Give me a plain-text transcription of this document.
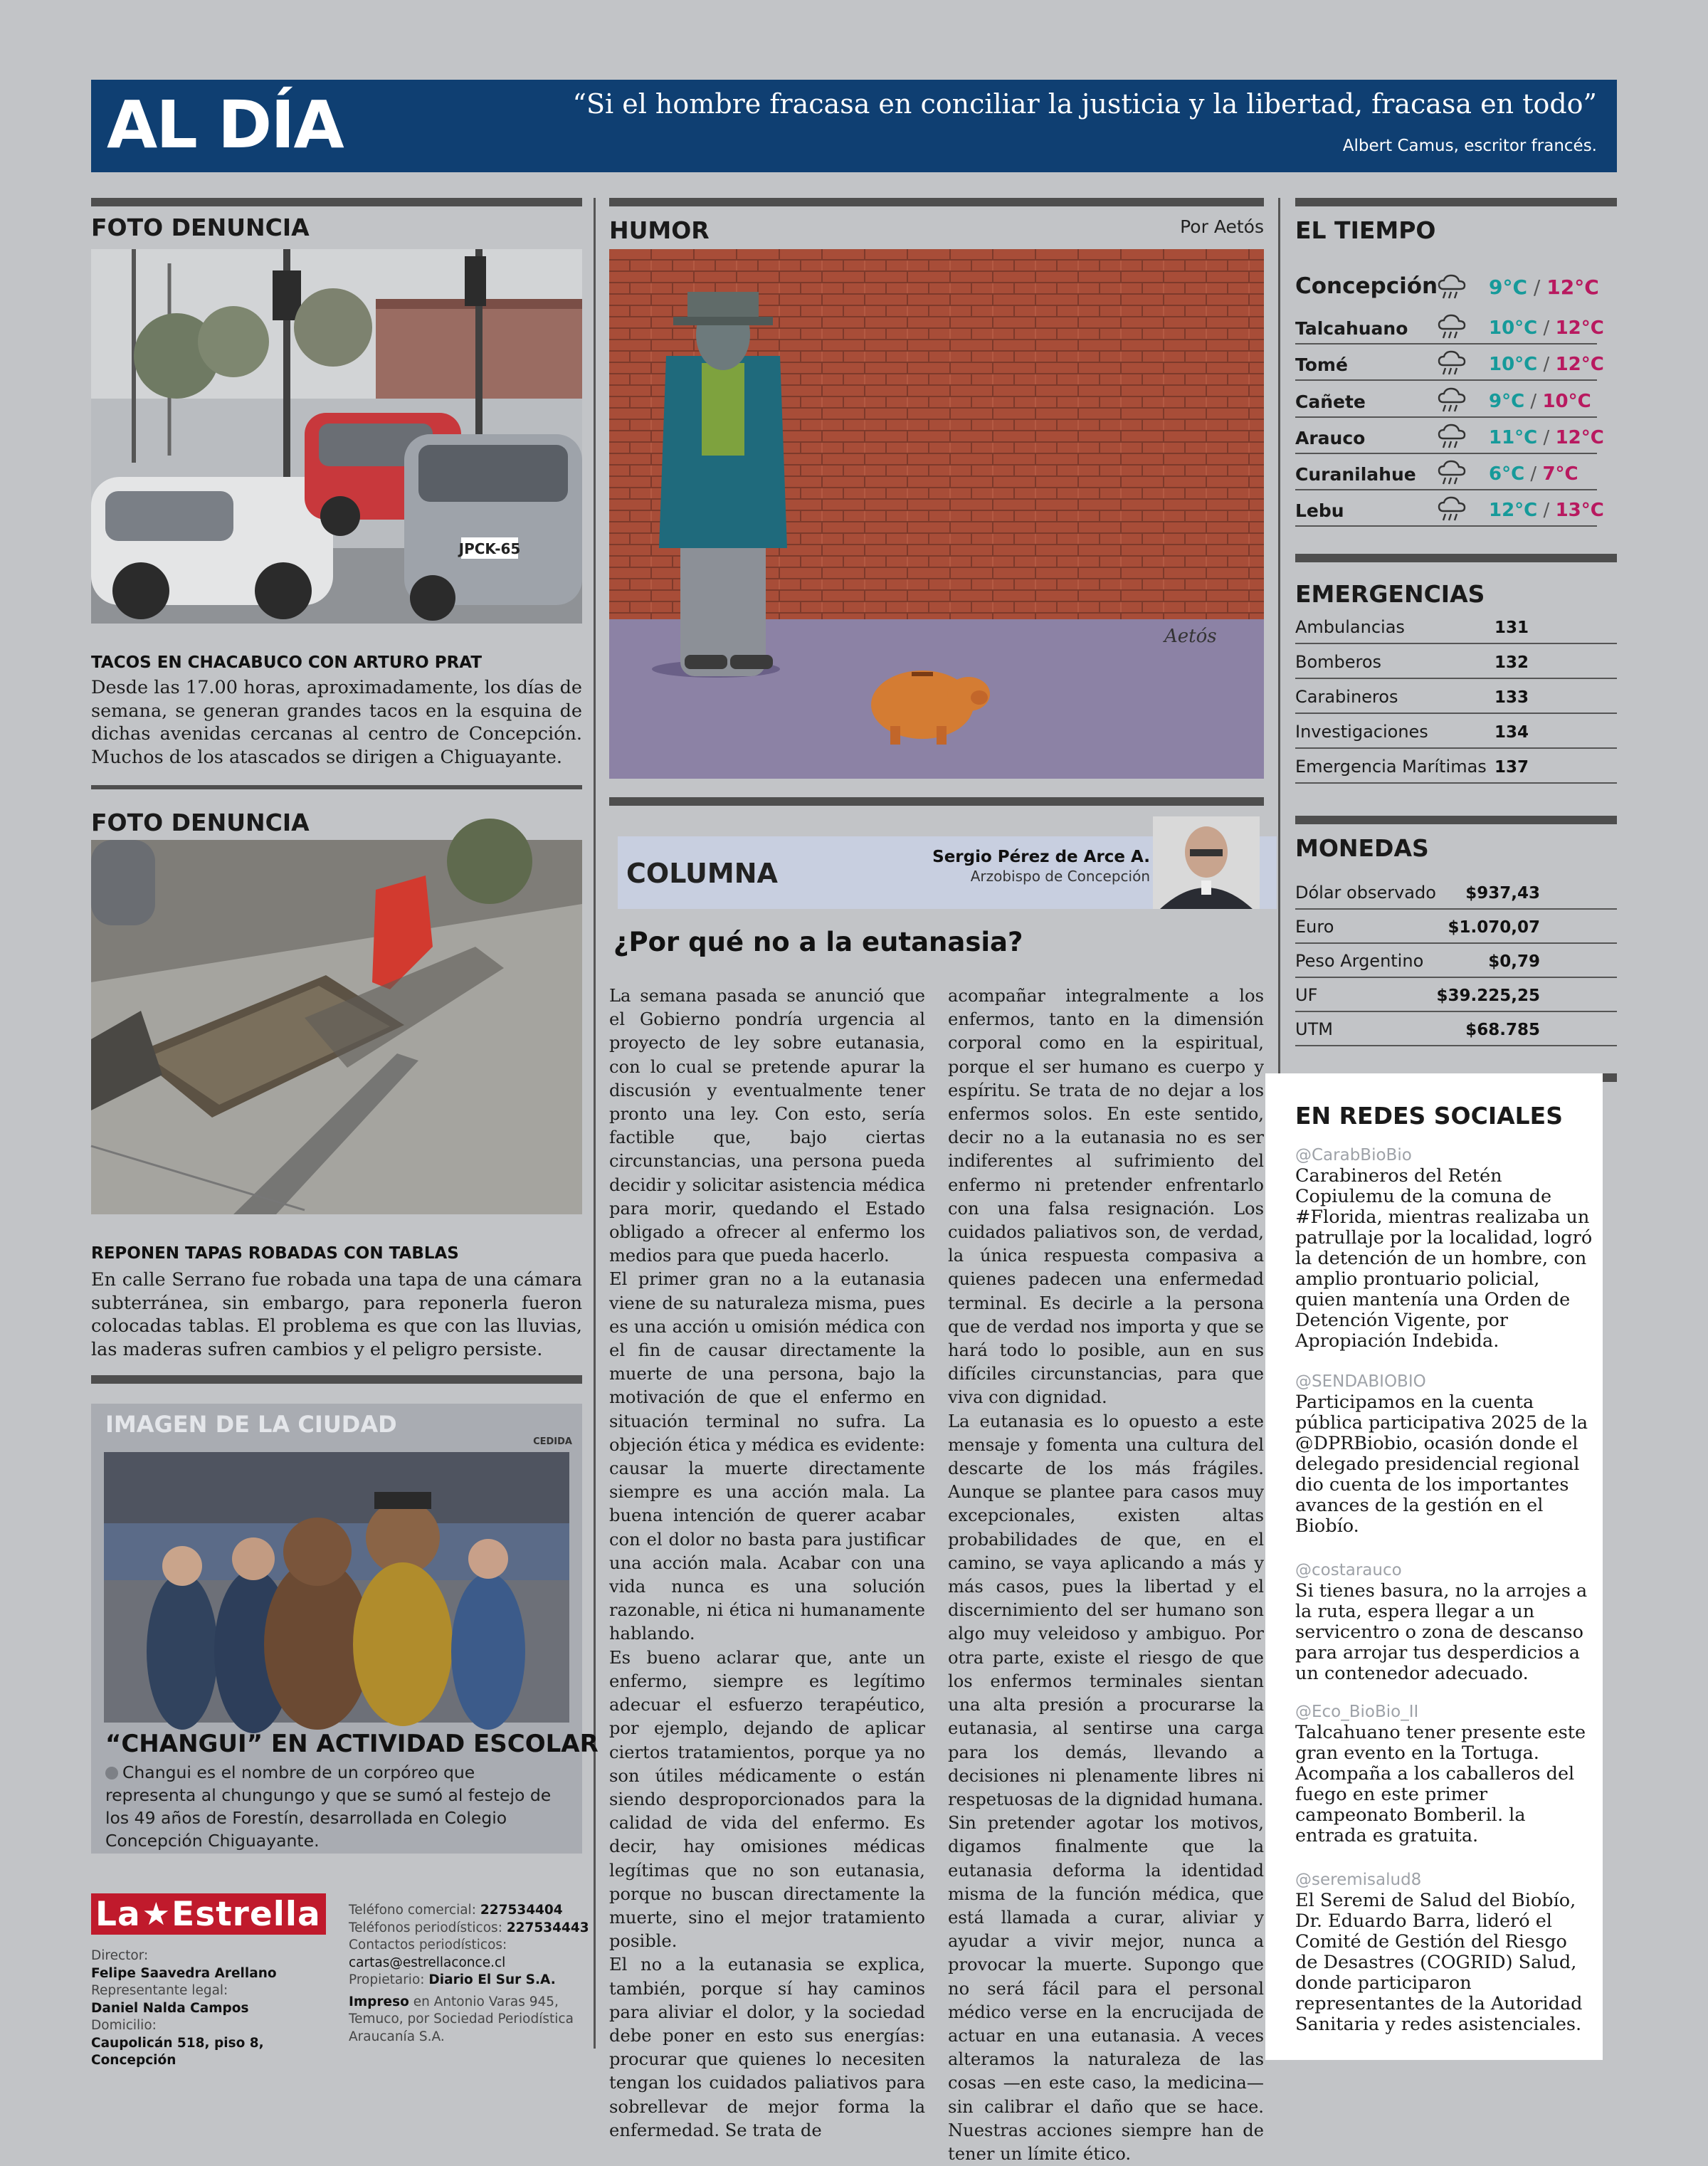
AL DÍA	“Si el hombre fracasa en conciliar la justicia y la libertad, fracasa en todo”
Albert Camus, escritor francés.
FOTO DENUNCIA
JPCK-65
TACOS EN CHACABUCO CON ARTURO PRAT
Desde las 17.00 horas, aproximadamente, los días de semana, se generan grandes tacos en la esquina de dichas avenidas cercanas al centro de Concepción. Muchos de los atascados se dirigen a Chiguayante.
FOTO DENUNCIA
REPONEN TAPAS ROBADAS CON TABLAS
En calle Serrano fue robada una tapa de una cámara subterránea, sin embargo, para reponerla fueron colocadas tablas. El problema es que con las lluvias, las maderas sufren cambios y el peligro persiste.
IMAGEN DE LA CIUDAD
CEDIDA
“CHANGUI” EN ACTIVIDAD ESCOLAR
Changui es el nombre de un corpóreo que representa al chungungo y que se sumó al festejo de los 49 años de Forestín, desarrollada en Colegio Concepción Chiguayante.
La ★ Estrella
Director:
Felipe Saavedra Arellano
Representante legal:
Daniel Nalda Campos
Domicilio:
Caupolicán 518, piso 8, Concepción
Teléfono comercial: 227534404
Teléfonos periodísticos: 227534443
Contactos periodísticos:
cartas@estrellaconce.cl
Propietario: Diario El Sur S.A.
Impreso en Antonio Varas 945,
Temuco, por Sociedad Periodística
Araucanía S.A.
HUMOR	Por Aetós
Aetós
COLUMNA
Sergio Pérez de Arce A.
Arzobispo de Concepción
¿Por qué no a la eutanasia?

La semana pasada se anunció que el Gobierno pondría urgencia al proyecto de ley sobre eutanasia, con lo cual se pretende apurar la discusión y eventualmente tener pronto una ley. Con esto, sería factible que, bajo ciertas circunstancias, una persona pueda decidir y solicitar asistencia médica para morir, quedando el Estado obligado a ofrecer al enfermo los medios para que pueda hacerlo.

El primer gran no a la eutanasia viene de su naturaleza misma, pues es una acción u omisión médica con el fin de causar directamente la muerte de una persona, bajo la motivación de que el enfermo en situación terminal no sufra. La objeción ética y médica es evidente: causar la muerte directamente siempre es una acción mala. La buena intención de querer acabar con el dolor no basta para justificar una acción mala. Acabar con una vida nunca es una solución razonable, ni ética ni humanamente hablando.

Es bueno aclarar que, ante un enfermo, siempre es legítimo adecuar el esfuerzo terapéutico, por ejemplo, dejando de aplicar ciertos tratamientos, porque ya no son útiles médicamente o están siendo desproporcionados para la calidad de vida del enfermo. Es decir, hay omisiones médicas legítimas que no son eutanasia, porque no buscan directamente la muerte, sino el mejor tratamiento posible.

El no a la eutanasia se explica, también, porque sí hay caminos para aliviar el dolor, y la sociedad debe poner en esto sus energías: procurar que quienes lo necesiten tengan los cuidados paliativos para sobrellevar de mejor forma la enfermedad. Se trata de

acompañar integralmente a los enfermos, tanto en la dimensión corporal como en la espiritual, porque el ser humano es cuerpo y espíritu. Se trata de no dejar a los enfermos solos. En este sentido, decir no a la eutanasia no es ser indiferentes al sufrimiento del enfermo ni pretender enfrentarlo con una falsa resignación. Los cuidados paliativos son, de verdad, la única respuesta compasiva a quienes padecen una enfermedad terminal. Es decirle a la persona que de verdad nos importa y que se hará todo lo posible, aun en sus difíciles circunstancias, para que viva con dignidad.

La eutanasia es lo opuesto a este mensaje y fomenta una cultura del descarte de los más frágiles. Aunque se plantee para casos muy excepcionales, existen altas probabilidades de que, en el camino, se vaya aplicando a más y más casos, pues la libertad y el discernimiento del ser humano son algo muy veleidoso y ambiguo. Por otra parte, existe el riesgo de que los enfermos terminales sientan una alta presión a procurarse la eutanasia, al sentirse una carga para los demás, llevando a decisiones ni plenamente libres ni respetuosas de la dignidad humana.

Sin pretender agotar los motivos, digamos finalmente que la eutanasia deforma la identidad misma de la función médica, que está llamada a curar, aliviar y ayudar a vivir mejor, nunca a provocar la muerte. Supongo que no será fácil para el personal médico verse en la encrucijada de actuar en una eutanasia. A veces alteramos la naturaleza de las cosas —en este caso, la medicina— sin calibrar el daño que se hace. Nuestras acciones siempre han de tener un límite ético.

EL TIEMPO
Concepción	9°C / 12°C
Talcahuano	10°C / 12°C
Tomé	10°C / 12°C
Cañete	9°C / 10°C
Arauco	11°C / 12°C
Curanilahue	6°C / 7°C
Lebu	12°C / 13°C
EMERGENCIAS
Ambulancias	131
Bomberos	132
Carabineros	133
Investigaciones	134
Emergencia Marítimas 137
MONEDAS
Dólar observado $937,43
Euro	$1.070,07
Peso Argentino	$0,79
UF	$39.225,25
UTM	$68.785
EN REDES SOCIALES
@CarabBioBio
Carabineros del Retén Copiulemu de la comuna de #Florida, mientras realizaba un patrullaje por la localidad, logró la detención de un hombre, con amplio prontuario policial, quien mantenía una Orden de Detención Vigente, por Apropiación Indebida.
@SENDABIOBIO
Participamos en la cuenta pública participativa 2025 de la @DPRBiobio, ocasión donde el delegado presidencial regional dio cuenta de los importantes avances de la gestión en el Biobío.
@costarauco
Si tienes basura, no la arrojes a la ruta, espera llegar a un servicentro o zona de descanso para arrojar tus desperdicios a un contenedor adecuado.
@Eco_BioBio_II
Talcahuano tener presente este gran evento en la Tortuga. Acompaña a los caballeros del fuego en este primer campeonato Bomberil. la entrada es gratuita.
@seremisalud8
El Seremi de Salud del Biobío, Dr. Eduardo Barra, lideró el Comité de Gestión del Riesgo de Desastres (COGRID) Salud, donde participaron representantes de la Autoridad Sanitaria y redes asistenciales.
